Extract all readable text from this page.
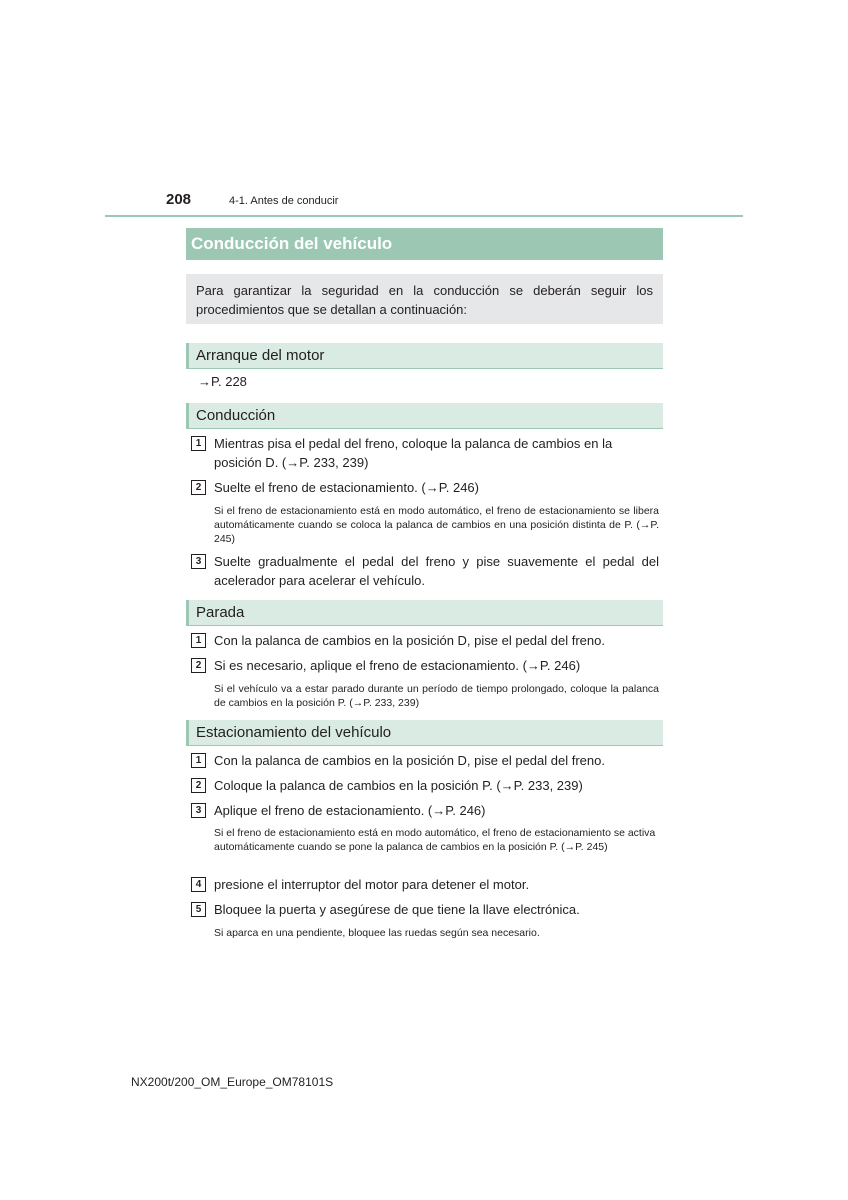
208	4-1. Antes de conducir
Conducción del vehículo
Para garantizar la seguridad en la conducción se deberán seguir los procedimientos que se detallan a continuación:
Arranque del motor
→P. 228
Conducción
1 Mientras pisa el pedal del freno, coloque la palanca de cambios en la posición D. (→P. 233, 239)
2 Suelte el freno de estacionamiento. (→P. 246)
Si el freno de estacionamiento está en modo automático, el freno de estacionamiento se libera automáticamente cuando se coloca la palanca de cambios en una posición distinta de P. (→P. 245)
3 Suelte gradualmente el pedal del freno y pise suavemente el pedal del acelerador para acelerar el vehículo.
Parada
1 Con la palanca de cambios en la posición D, pise el pedal del freno.
2 Si es necesario, aplique el freno de estacionamiento. (→P. 246)
Si el vehículo va a estar parado durante un período de tiempo prolongado, coloque la palanca de cambios en la posición P. (→P. 233, 239)
Estacionamiento del vehículo
1 Con la palanca de cambios en la posición D, pise el pedal del freno.
2 Coloque la palanca de cambios en la posición P. (→P. 233, 239)
3 Aplique el freno de estacionamiento. (→P. 246)
Si el freno de estacionamiento está en modo automático, el freno de estacionamiento se activa automáticamente cuando se pone la palanca de cambios en la posición P. (→P. 245)
4 presione el interruptor del motor para detener el motor.
5 Bloquee la puerta y asegúrese de que tiene la llave electrónica.
Si aparca en una pendiente, bloquee las ruedas según sea necesario.
NX200t/200_OM_Europe_OM78101S
